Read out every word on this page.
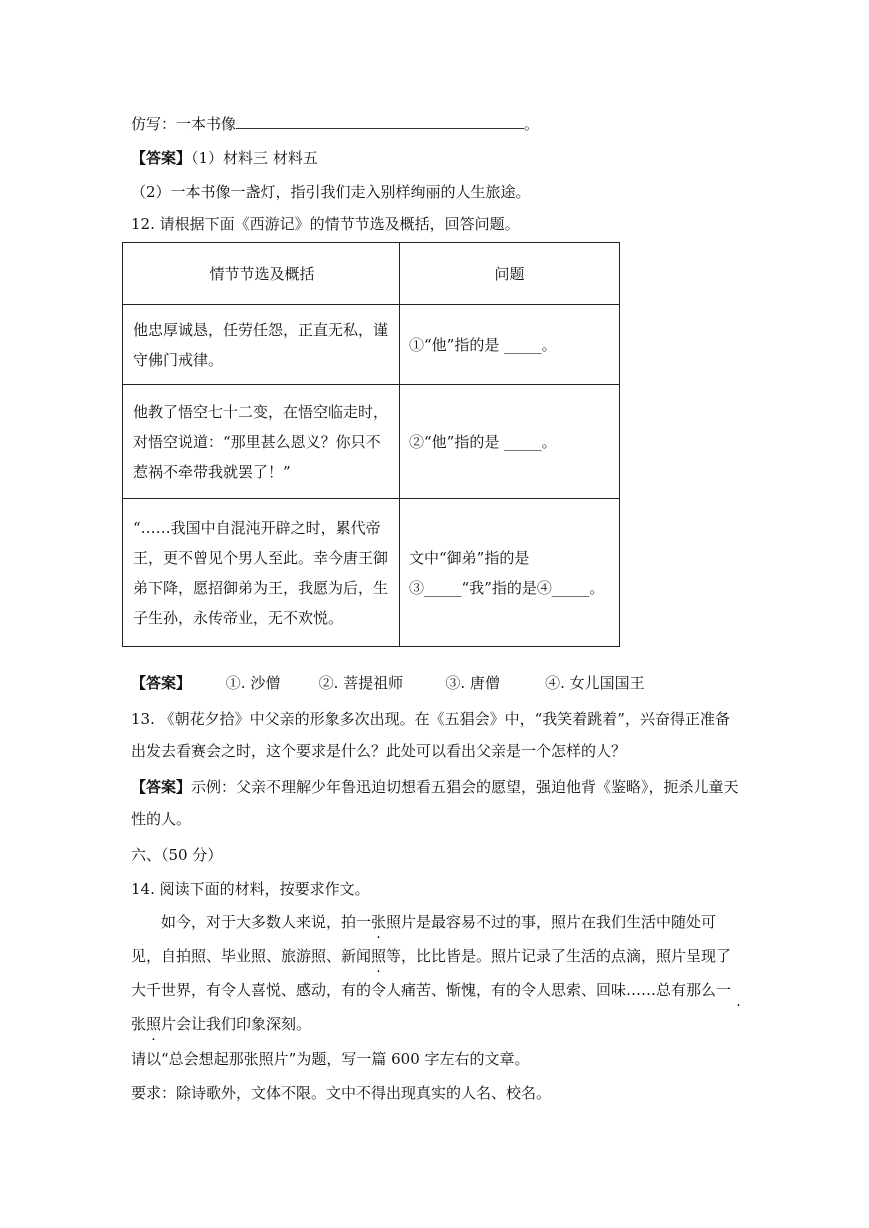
仿写：一本书像	。
【答案】（1）材料三 材料五
（2）一本书像一盏灯，指引我们走入别样绚丽的人生旅途。
12. 请根据下面《西游记》的情节节选及概括，回答问题。
情节节选及概括	问题
他忠厚诚恳，任劳任怨，正直无私，谨守佛门戒律。	①“他”指的是 _____。
他教了悟空七十二变，在悟空临走时，对悟空说道：“那里甚么恩义？你只不惹祸不牵带我就罢了！”	②“他”指的是 _____。
“……我国中自混沌开辟之时，累代帝王，更不曾见个男人至此。幸今唐王御弟下降，愿招御弟为王，我愿为后，生子生孙，永传帝业，无不欢悦。	文中“御弟”指的是③_____“我”指的是④_____。
【答案】 ①. 沙僧	②. 菩提祖师	③. 唐僧	④. 女儿国国王
13. 《朝花夕拾》中父亲的形象多次出现。在《五猖会》中，“我笑着跳着”，兴奋得正准备出发去看赛会之时，这个要求是什么？此处可以看出父亲是一个怎样的人？
【答案】示例：父亲不理解少年鲁迅迫切想看五猖会的愿望，强迫他背《鉴略》，扼杀儿童天性的人。
六、（50 分）
14. 阅读下面的材料，按要求作文。
如今，对于大多数人来说，拍一张照片是最容易不过的事，照片在我们生活中随处可见，自拍照、毕业照、旅游照、新闻照等，比比皆是。照片记录了生活的点滴，照片呈现了大千世界，有令人喜悦、感动，有的令人痛苦、惭愧，有的令人思索、回味……总有那么一张照片会让我们印象深刻。
请以“总会想起那张照片”为题，写一篇 600 字左右的文章。
要求：除诗歌外，文体不限。文中不得出现真实的人名、校名。
